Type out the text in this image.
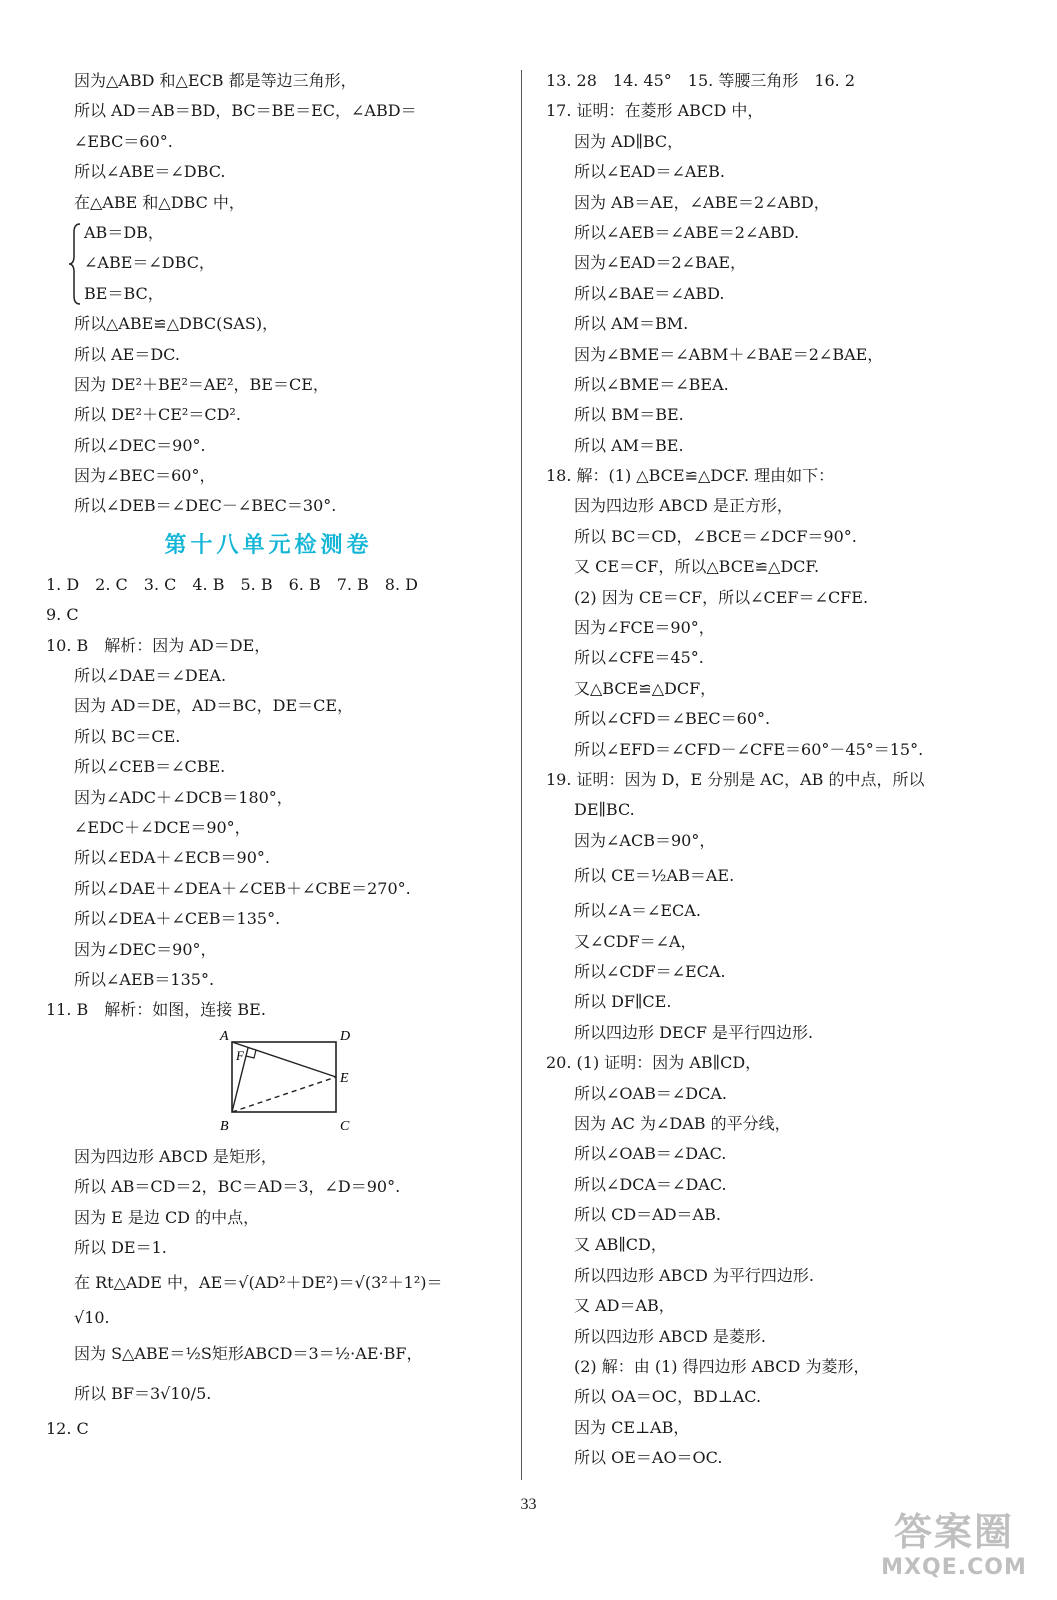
因为△ABD 和△ECB 都是等边三角形，
所以 AD＝AB＝BD，BC＝BE＝EC，∠ABD＝
∠EBC＝60°.
所以∠ABE＝∠DBC.
在△ABE 和△DBC 中，
AB＝DB，
∠ABE＝∠DBC，
BE＝BC，
所以△ABE≌△DBC(SAS)，
所以 AE＝DC.
因为 DE²＋BE²＝AE²，BE＝CE，
所以 DE²＋CE²＝CD².
所以∠DEC＝90°.
因为∠BEC＝60°，
所以∠DEB＝∠DEC－∠BEC＝30°.
第十八单元检测卷
1. D　2. C　3. C　4. B　5. B　6. B　7. B　8. D
9. C
10. B　解析：因为 AD＝DE，
所以∠DAE＝∠DEA.
因为 AD＝DE，AD＝BC，DE＝CE，
所以 BC＝CE.
所以∠CEB＝∠CBE.
因为∠ADC＋∠DCB＝180°，
∠EDC＋∠DCE＝90°，
所以∠EDA＋∠ECB＝90°.
所以∠DAE＋∠DEA＋∠CEB＋∠CBE＝270°.
所以∠DEA＋∠CEB＝135°.
因为∠DEC＝90°，
所以∠AEB＝135°.
11. B　解析：如图，连接 BE.
A	D
E
F
B	C
因为四边形 ABCD 是矩形，
所以 AB＝CD＝2，BC＝AD＝3，∠D＝90°.
因为 E 是边 CD 的中点，
所以 DE＝1.
在 Rt△ADE 中，AE＝√(AD²＋DE²)＝√(3²＋1²)＝
√10.
因为 S△ABE＝½S矩形ABCD＝3＝½·AE·BF，
所以 BF＝3√10/5.
12. C
13. 28　14. 45°　15. 等腰三角形　16. 2
17. 证明：在菱形 ABCD 中，
因为 AD∥BC，
所以∠EAD＝∠AEB.
因为 AB＝AE，∠ABE＝2∠ABD，
所以∠AEB＝∠ABE＝2∠ABD.
因为∠EAD＝2∠BAE，
所以∠BAE＝∠ABD.
所以 AM＝BM.
因为∠BME＝∠ABM＋∠BAE＝2∠BAE，
所以∠BME＝∠BEA.
所以 BM＝BE.
所以 AM＝BE.
18. 解：(1) △BCE≌△DCF. 理由如下：
因为四边形 ABCD 是正方形，
所以 BC＝CD，∠BCE＝∠DCF＝90°.
又 CE＝CF，所以△BCE≌△DCF.
(2) 因为 CE＝CF，所以∠CEF＝∠CFE.
因为∠FCE＝90°，
所以∠CFE＝45°.
又△BCE≌△DCF，
所以∠CFD＝∠BEC＝60°.
所以∠EFD＝∠CFD－∠CFE＝60°－45°＝15°.
19. 证明：因为 D，E 分别是 AC，AB 的中点，所以
DE∥BC.
因为∠ACB＝90°，
所以 CE＝½AB＝AE.
所以∠A＝∠ECA.
又∠CDF＝∠A，
所以∠CDF＝∠ECA.
所以 DF∥CE.
所以四边形 DECF 是平行四边形.
20. (1) 证明：因为 AB∥CD，
所以∠OAB＝∠DCA.
因为 AC 为∠DAB 的平分线，
所以∠OAB＝∠DAC.
所以∠DCA＝∠DAC.
所以 CD＝AD＝AB.
又 AB∥CD，
所以四边形 ABCD 为平行四边形.
又 AD＝AB，
所以四边形 ABCD 是菱形.
(2) 解：由 (1) 得四边形 ABCD 为菱形，
所以 OA＝OC，BD⊥AC.
因为 CE⊥AB，
所以 OE＝AO＝OC.
33
答案圈
MXQE.COM
